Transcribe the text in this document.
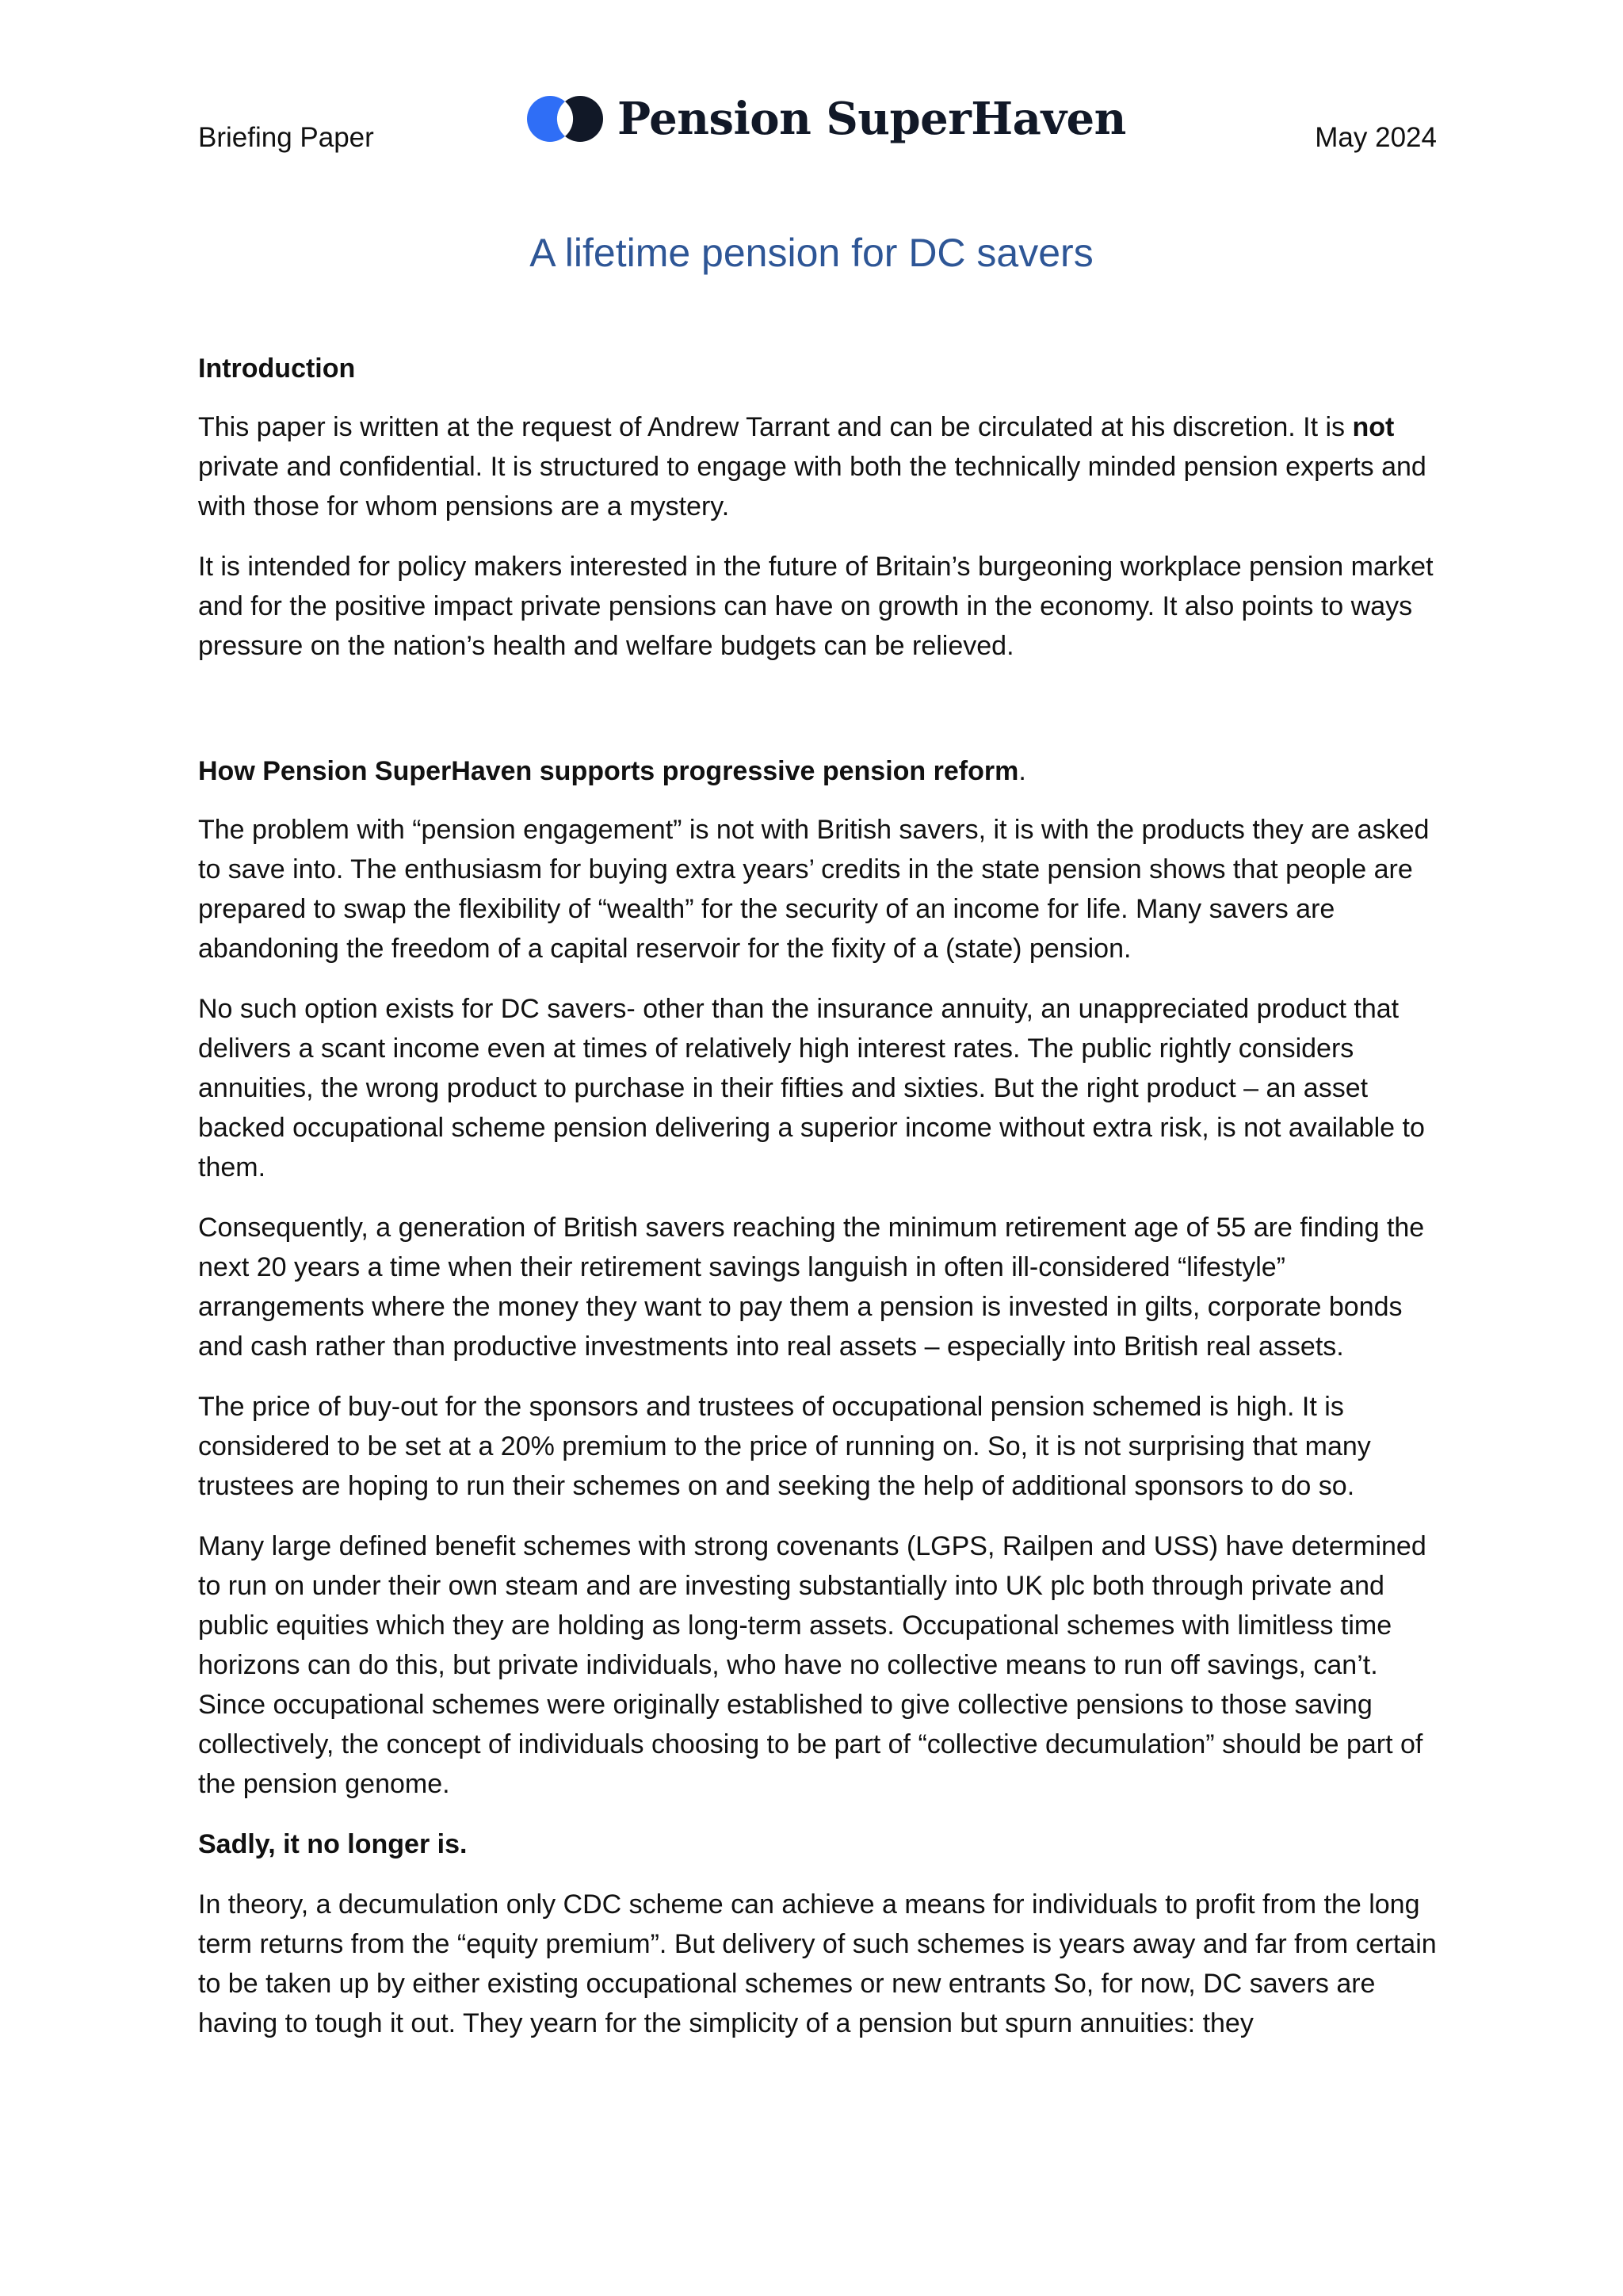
Briefing Paper	Pension SuperHaven	May 2024
A lifetime pension for DC savers
Introduction

This paper is written at the request of Andrew Tarrant and can be circulated at his discretion. It is not private and confidential. It is structured to engage with both the technically minded pension experts and with those for whom pensions are a mystery.

It is intended for policy makers interested in the future of Britain’s burgeoning workplace pension market and for the positive impact private pensions can have on growth in the economy. It also points to ways pressure on the nation’s health and welfare budgets can be relieved.

How Pension SuperHaven supports progressive pension reform.

The problem with “pension engagement” is not with British savers, it is with the products they are asked to save into. The enthusiasm for buying extra years’ credits in the state pension shows that people are prepared to swap the flexibility of “wealth” for the security of an income for life. Many savers are abandoning the freedom of a capital reservoir for the fixity of a (state) pension.

No such option exists for DC savers- other than the insurance annuity, an unappreciated product that delivers a scant income even at times of relatively high interest rates. The public rightly considers annuities, the wrong product to purchase in their fifties and sixties. But the right product – an asset backed occupational scheme pension delivering a superior income without extra risk, is not available to them.

Consequently, a generation of British savers reaching the minimum retirement age of 55 are finding the next 20 years a time when their retirement savings languish in often ill-considered “lifestyle” arrangements where the money they want to pay them a pension is invested in gilts, corporate bonds and cash rather than productive investments into real assets – especially into British real assets.

The price of buy-out for the sponsors and trustees of occupational pension schemed is high. It is considered to be set at a 20% premium to the price of running on. So, it is not surprising that many trustees are hoping to run their schemes on and seeking the help of additional sponsors to do so.

Many large defined benefit schemes with strong covenants (LGPS, Railpen and USS) have determined to run on under their own steam and are investing substantially into UK plc both through private and public equities which they are holding as long-term assets. Occupational schemes with limitless time horizons can do this, but private individuals, who have no collective means to run off savings, can’t. Since occupational schemes were originally established to give collective pensions to those saving collectively, the concept of individuals choosing to be part of “collective decumulation” should be part of the pension genome.

Sadly, it no longer is.

In theory, a decumulation only CDC scheme can achieve a means for individuals to profit from the long term returns from the “equity premium”. But delivery of such schemes is years away and far from certain to be taken up by either existing occupational schemes or new entrants So, for now, DC savers are having to tough it out. They yearn for the simplicity of a pension but spurn annuities: they
